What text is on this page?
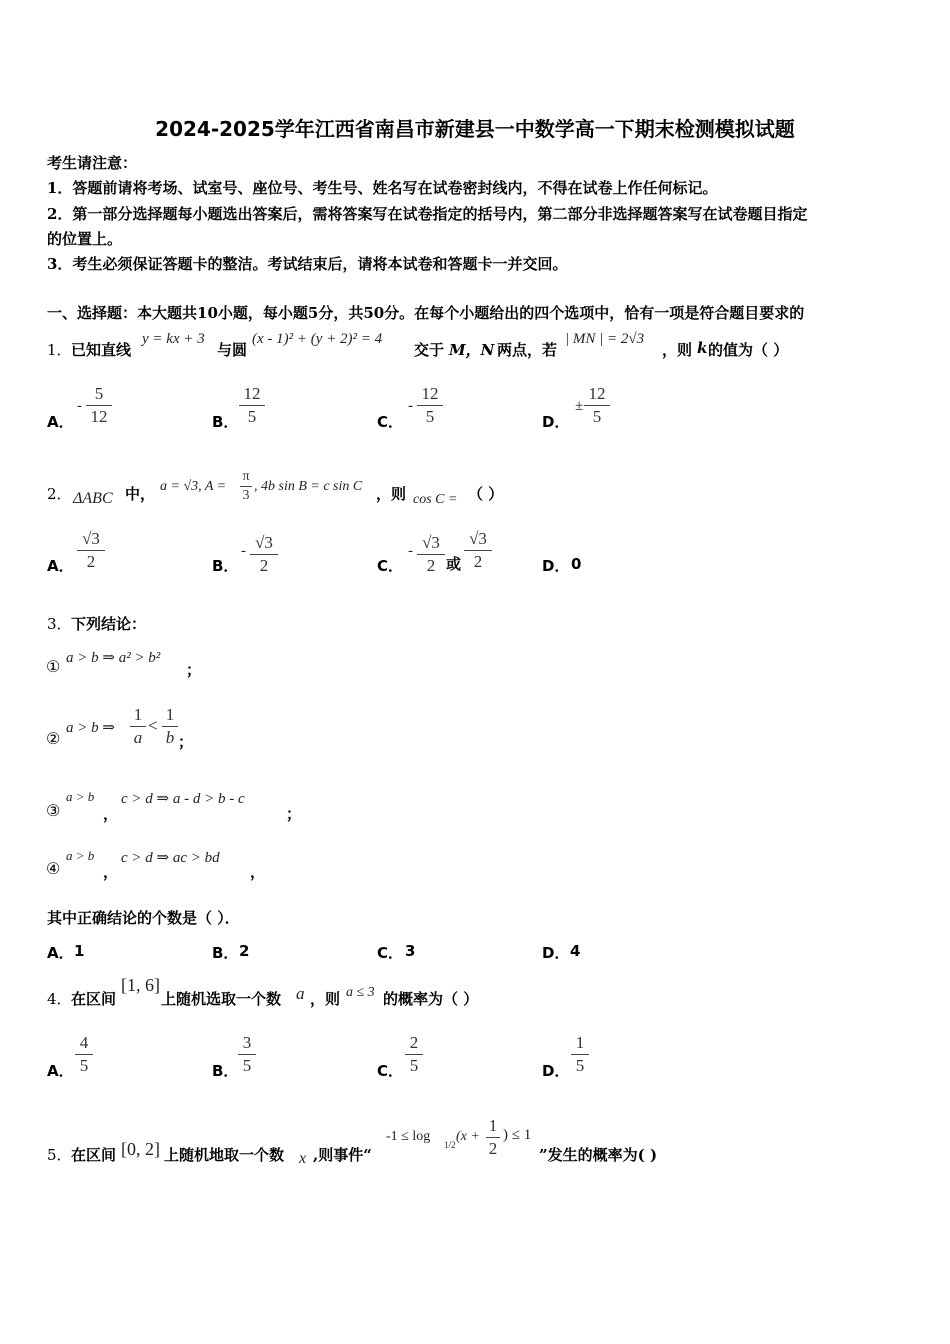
2024-2025学年江西省南昌市新建县一中数学高一下期末检测模拟试题
考生请注意：
1．答题前请将考场、试室号、座位号、考生号、姓名写在试卷密封线内，不得在试卷上作任何标记。
2．第一部分选择题每小题选出答案后，需将答案写在试卷指定的括号内，第二部分非选择题答案写在试卷题目指定
的位置上。
3．考生必须保证答题卡的整洁。考试结束后，请将本试卷和答题卡一并交回。
一、选择题：本大题共10小题，每小题5分，共50分。在每个小题给出的四个选项中，恰有一项是符合题目要求的
1． 已知直线
y = kx + 3
与圆
(x - 1)² + (y + 2)² = 4
交于 M，N 两点，若
| MN | = 2√3
，则 k 的值为（ ）
A．
-
5
12	B．
12
5	C．
-
12
5	D．
±
12
5
2． ΔABC 中， a = √3, A =
π
3
, 4b sin B = c sin C ，则 cos C = （ ）
A．
√3
2	B．
- √3
2	C．
- √3
2 或
√3
2	D． 0
3． 下列结论：
① a > b ⇒ a² > b²
；
②
a > b ⇒
1
a
<
1
b ；
③
a > b
，
c > d ⇒ a - d > b - c
；
④
a > b
，
c > d ⇒ ac > bd
，
其中正确结论的个数是（ ）．
A． 1	B． 2	C． 3	D． 4
4． 在区间
[1, 6]
上随机选取一个数 a ，则 a ≤ 3 的概率为（ ）
A．
4
5	B．
3
5	C．
2
5	D．
1
5
5． 在区间 [0, 2] 上随机地取一个数 x ,则事件“
-1 ≤ log
1/2
(x +
1
2
) ≤ 1
”发生的概率为( )
